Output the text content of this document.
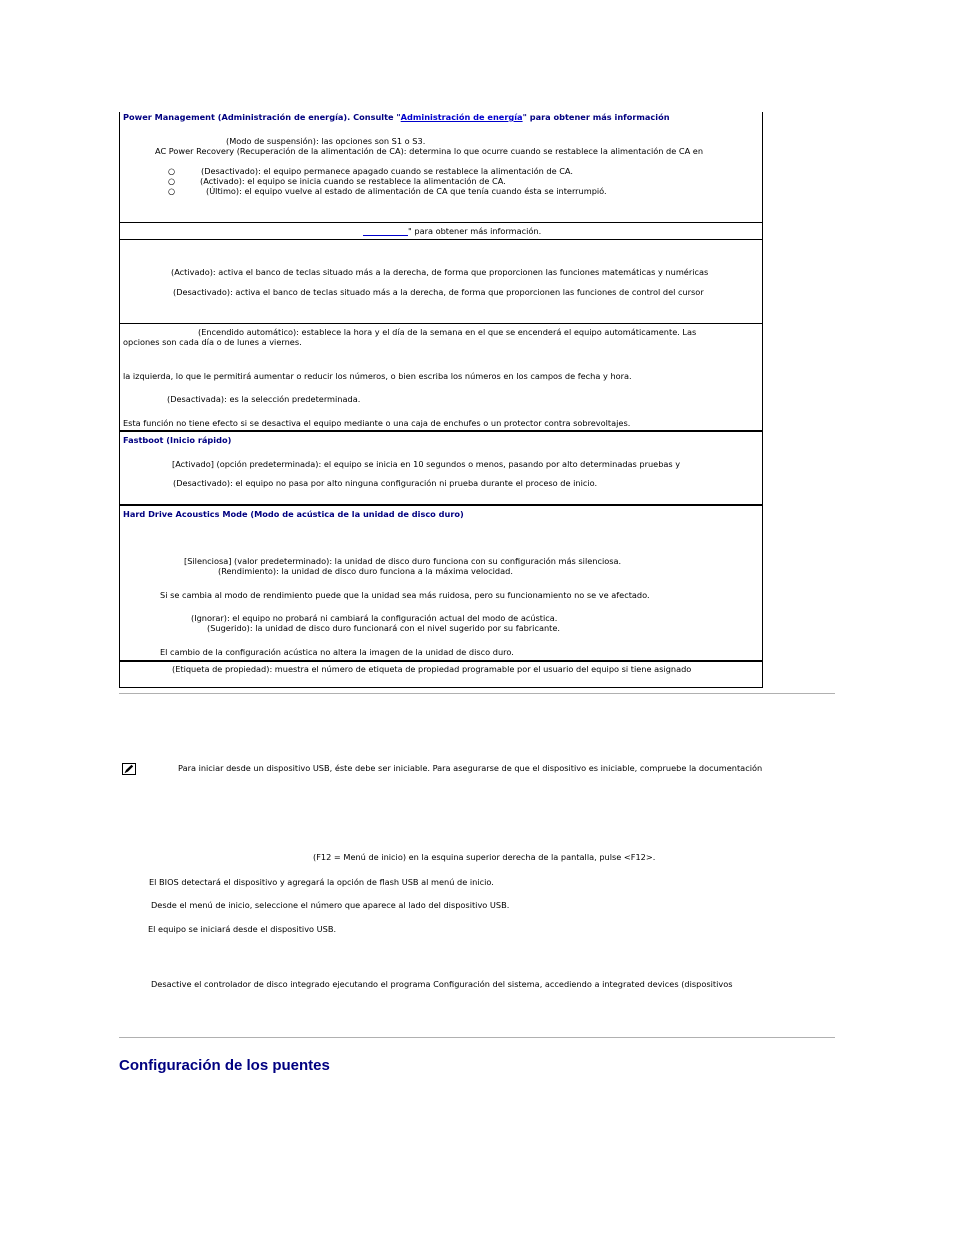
Power Management (Administración de energía). Consulte "Administración de energía" para obtener más información
(Modo de suspensión): las opciones son S1 o S3.
AC Power Recovery (Recuperación de la alimentación de CA): determina lo que ocurre cuando se restablece la alimentación de CA en
○	(Desactivado): el equipo permanece apagado cuando se restablece la alimentación de CA.
○	(Activado): el equipo se inicia cuando se restablece la alimentación de CA.
○	(Último): el equipo vuelve al estado de alimentación de CA que tenía cuando ésta se interrumpió.
" para obtener más información.
(Activado): activa el banco de teclas situado más a la derecha, de forma que proporcionen las funciones matemáticas y numéricas
(Desactivado): activa el banco de teclas situado más a la derecha, de forma que proporcionen las funciones de control del cursor
(Encendido automático): establece la hora y el día de la semana en el que se encenderá el equipo automáticamente. Las
opciones son cada día o de lunes a viernes.
la izquierda, lo que le permitirá aumentar o reducir los números, o bien escriba los números en los campos de fecha y hora.
(Desactivada): es la selección predeterminada.
Esta función no tiene efecto si se desactiva el equipo mediante o una caja de enchufes o un protector contra sobrevoltajes.
Fastboot (Inicio rápido)
[Activado] (opción predeterminada): el equipo se inicia en 10 segundos o menos, pasando por alto determinadas pruebas y
(Desactivado): el equipo no pasa por alto ninguna configuración ni prueba durante el proceso de inicio.
Hard Drive Acoustics Mode (Modo de acústica de la unidad de disco duro)
[Silenciosa] (valor predeterminado): la unidad de disco duro funciona con su configuración más silenciosa.
(Rendimiento): la unidad de disco duro funciona a la máxima velocidad.
Si se cambia al modo de rendimiento puede que la unidad sea más ruidosa, pero su funcionamiento no se ve afectado.
(Ignorar): el equipo no probará ni cambiará la configuración actual del modo de acústica.
(Sugerido): la unidad de disco duro funcionará con el nivel sugerido por su fabricante.
El cambio de la configuración acústica no altera la imagen de la unidad de disco duro.
(Etiqueta de propiedad): muestra el número de etiqueta de propiedad programable por el usuario del equipo si tiene asignado
Para iniciar desde un dispositivo USB, éste debe ser iniciable. Para asegurarse de que el dispositivo es iniciable, compruebe la documentación
(F12 = Menú de inicio) en la esquina superior derecha de la pantalla, pulse <F12>.
El BIOS detectará el dispositivo y agregará la opción de flash USB al menú de inicio.
Desde el menú de inicio, seleccione el número que aparece al lado del dispositivo USB.
El equipo se iniciará desde el dispositivo USB.
Desactive el controlador de disco integrado ejecutando el programa Configuración del sistema, accediendo a integrated devices (dispositivos
Configuración de los puentes
